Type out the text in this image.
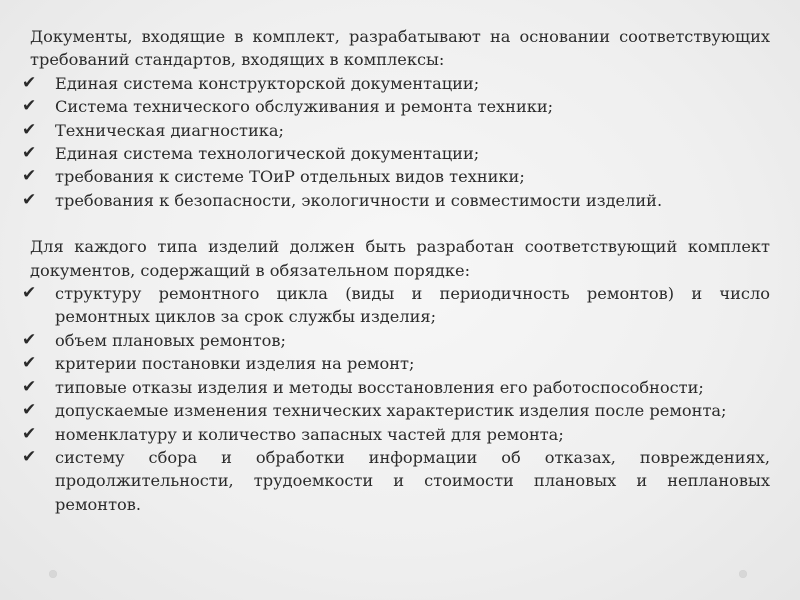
Документы, входящие в комплект, разрабатывают на основании соответствующих требований стандартов, входящих в комплексы:

✔ Единая система конструкторской документации;
✔ Система технического обслуживания и ремонта техники;
✔ Техническая диагностика;
✔ Единая система технологической документации;
✔ требования к системе ТОиР отдельных видов техники;
✔ требования к безопасности, экологичности и совместимости изделий.

Для каждого типа изделий должен быть разработан соответствующий комплект документов, содержащий в обязательном порядке:

✔ структуру ремонтного цикла (виды и периодичность ремонтов) и число ремонтных циклов за срок службы изделия;
✔ объем плановых ремонтов;
✔ критерии постановки изделия на ремонт;
✔ типовые отказы изделия и методы восстановления его работоспособности;
✔ допускаемые изменения технических характеристик изделия после ремонта;
✔ номенклатуру и количество запасных частей для ремонта;
✔ систему сбора и обработки информации об отказах, повреждениях, продолжительности, трудоемкости и стоимости плановых и неплановых ремонтов.
